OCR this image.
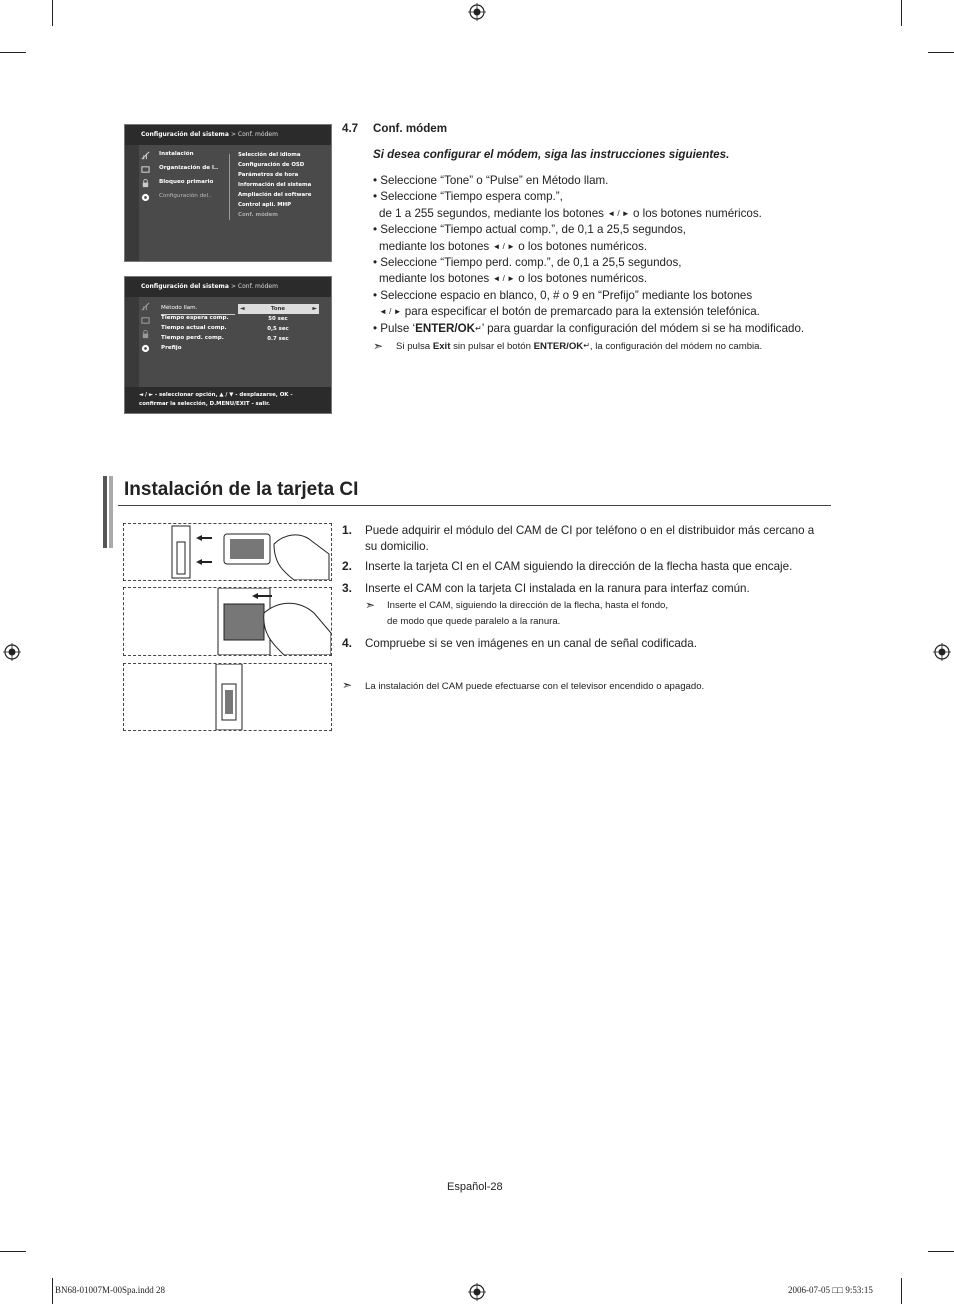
Configuración del sistema > Conf. módem
Instalación
Organización de l..
Bloqueo primario
Configuración del..
Selección del idioma
Configuración de OSD
Parámetros de hora
Información del sistema
Ampliación del software
Control apli. MHP
Conf. módem
Configuración del sistema > Conf. módem
Método llam.
Tiempo espera comp.
Tiempo actual comp.
Tiempo perd. comp.
Prefijo
◄	►
Tone
50 sec
0,5 sec
0.7 sec
◄ / ► - seleccionar opción, ▲ / ▼ - desplazarse, OK -
confirmar la selección, D.MENU/EXIT - salir.
4.7 Conf. módem
Si desea configurar el módem, siga las instrucciones siguientes.
• Seleccione “Tone” o “Pulse” en Método llam.
• Seleccione “Tiempo espera comp.”,
de 1 a 255 segundos, mediante los botones ◄ / ► o los botones numéricos.
• Seleccione “Tiempo actual comp.”, de 0,1 a 25,5 segundos,
mediante los botones ◄ / ► o los botones numéricos.
• Seleccione “Tiempo perd. comp.”, de 0,1 a 25,5 segundos,
mediante los botones ◄ / ► o los botones numéricos.
• Seleccione espacio en blanco, 0, # o 9 en “Prefijo” mediante los botones
◄ / ► para especificar el botón de premarcado para la extensión telefónica.
• Pulse ‘ENTER/OK↵’ para guardar la configuración del módem si se ha modificado.
➣ Si pulsa Exit sin pulsar el botón ENTER/OK↵, la configuración del módem no cambia.
Instalación de la tarjeta CI
1. Puede adquirir el módulo del CAM de CI por teléfono o en el distribuidor más cercano a
su domicilio.
2. Inserte la tarjeta CI en el CAM siguiendo la dirección de la flecha hasta que encaje.
3. Inserte el CAM con la tarjeta CI instalada en la ranura para interfaz común.
➣ Inserte el CAM, siguiendo la dirección de la flecha, hasta el fondo,
de modo que quede paralelo a la ranura.
4. Compruebe si se ven imágenes en un canal de señal codificada.
➣ La instalación del CAM puede efectuarse con el televisor encendido o apagado.
Español-28
BN68-01007M-00Spa.indd 28	2006-07-05 □□ 9:53:15
